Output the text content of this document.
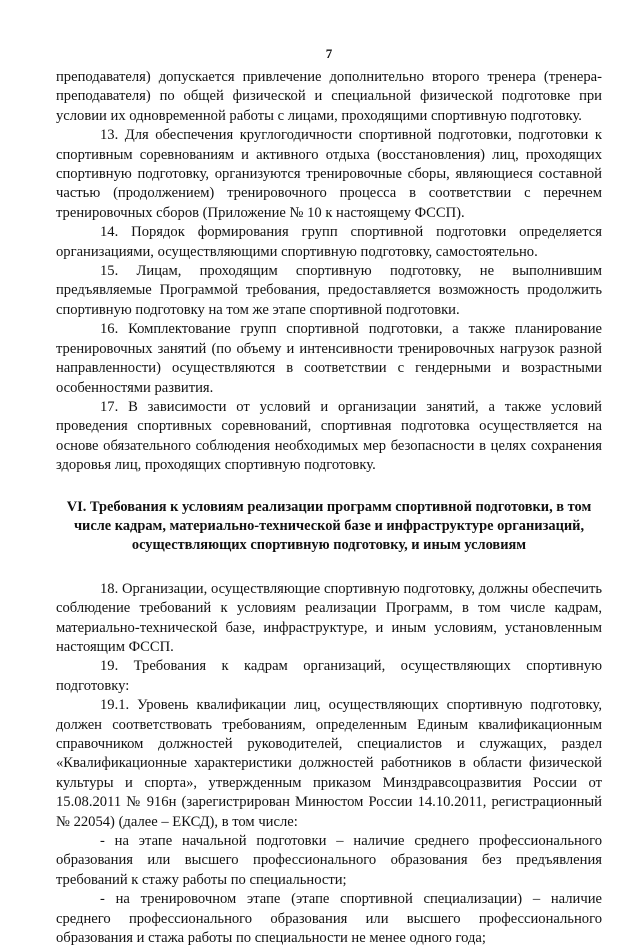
7

преподавателя) допускается привлечение дополнительно второго тренера (тренера-преподавателя) по общей физической и специальной физической подготовке при условии их одновременной работы с лицами, проходящими спортивную подготовку.

13. Для обеспечения круглогодичности спортивной подготовки, подготовки к спортивным соревнованиям и активного отдыха (восстановления) лиц, проходящих спортивную подготовку, организуются тренировочные сборы, являющиеся составной частью (продолжением) тренировочного процесса в соответствии с перечнем тренировочных сборов (Приложение № 10 к настоящему ФССП).

14. Порядок формирования групп спортивной подготовки определяется организациями, осуществляющими спортивную подготовку, самостоятельно.

15. Лицам, проходящим спортивную подготовку, не выполнившим предъявляемые Программой требования, предоставляется возможность продолжить спортивную подготовку на том же этапе спортивной подготовки.

16. Комплектование групп спортивной подготовки, а также планирование тренировочных занятий (по объему и интенсивности тренировочных нагрузок разной направленности) осуществляются в соответствии с гендерными и возрастными особенностями развития.

17. В зависимости от условий и организации занятий, а также условий проведения спортивных соревнований, спортивная подготовка осуществляется на основе обязательного соблюдения необходимых мер безопасности в целях сохранения здоровья лиц, проходящих спортивную подготовку.

VI. Требования к условиям реализации программ спортивной подготовки, в том числе кадрам, материально-технической базе и инфраструктуре организаций, осуществляющих спортивную подготовку, и иным условиям

18. Организации, осуществляющие спортивную подготовку, должны обеспечить соблюдение требований к условиям реализации Программ, в том числе кадрам, материально-технической базе, инфраструктуре, и иным условиям, установленным настоящим ФССП.

19. Требования к кадрам организаций, осуществляющих спортивную подготовку:

19.1. Уровень квалификации лиц, осуществляющих спортивную подготовку, должен соответствовать требованиям, определенным Единым квалификационным справочником должностей руководителей, специалистов и служащих, раздел «Квалификационные характеристики должностей работников в области физической культуры и спорта», утвержденным приказом Минздравсоцразвития России от 15.08.2011 № 916н (зарегистрирован Минюстом России 14.10.2011, регистрационный № 22054) (далее – ЕКСД), в том числе:

- на этапе начальной подготовки – наличие среднего профессионального образования или высшего профессионального образования без предъявления требований к стажу работы по специальности;

- на тренировочном этапе (этапе спортивной специализации) – наличие среднего профессионального образования или высшего профессионального образования и стажа работы по специальности не менее одного года;
